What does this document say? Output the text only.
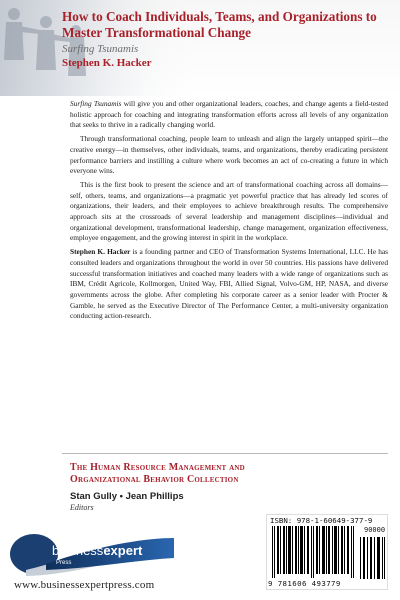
How to Coach Individuals, Teams, and Organizations to Master Transformational Change
Surfing Tsunamis
Stephen K. Hacker

Surfing Tsunamis will give you and other organizational leaders, coaches, and change agents a field-tested holistic approach for coaching and integrating transformation efforts across all levels of any organization that seeks to thrive in a radically changing world.

Through transformational coaching, people learn to unleash and align the largely untapped spirit—the creative energy—in themselves, other individuals, teams, and organizations, thereby eradicating persistent performance barriers and instilling a culture where work becomes an act of co-creating a future in which everyone wins.

This is the first book to present the science and art of transformational coaching across all domains—self, others, teams, and organizations—a pragmatic yet powerful practice that has already led scores of organizations, their leaders, and their employees to achieve breakthrough results. The comprehensive approach sits at the crossroads of several leadership and management disciplines—individual and organizational development, transformational leadership, change management, organization effectiveness, employee engagement, and the growing interest in spirit in the workplace.

Stephen K. Hacker is a founding partner and CEO of Transformation Systems International, LLC. He has consulted leaders and organizations throughout the world in over 50 countries. His passions have delivered successful transformation initiatives and coached many leaders with a wide range of organizations such as IBM, Crédit Agricole, Kollmorgen, United Way, FBI, Allied Signal, Volvo-GM, HP, NASA, and diverse governments across the globe. After completing his corporate career as a senior leader with Procter & Gamble, he served as the Executive Director of The Performance Center, a multi-university organization conducting action-research.

The Human Resource Management and
Organizational Behavior Collection
Stan Gully • Jean Phillips
Editors
businessexpert
Press
www.businessexpertpress.com
ISBN: 978-1-60649-377-9
90000
9 781606 493779
